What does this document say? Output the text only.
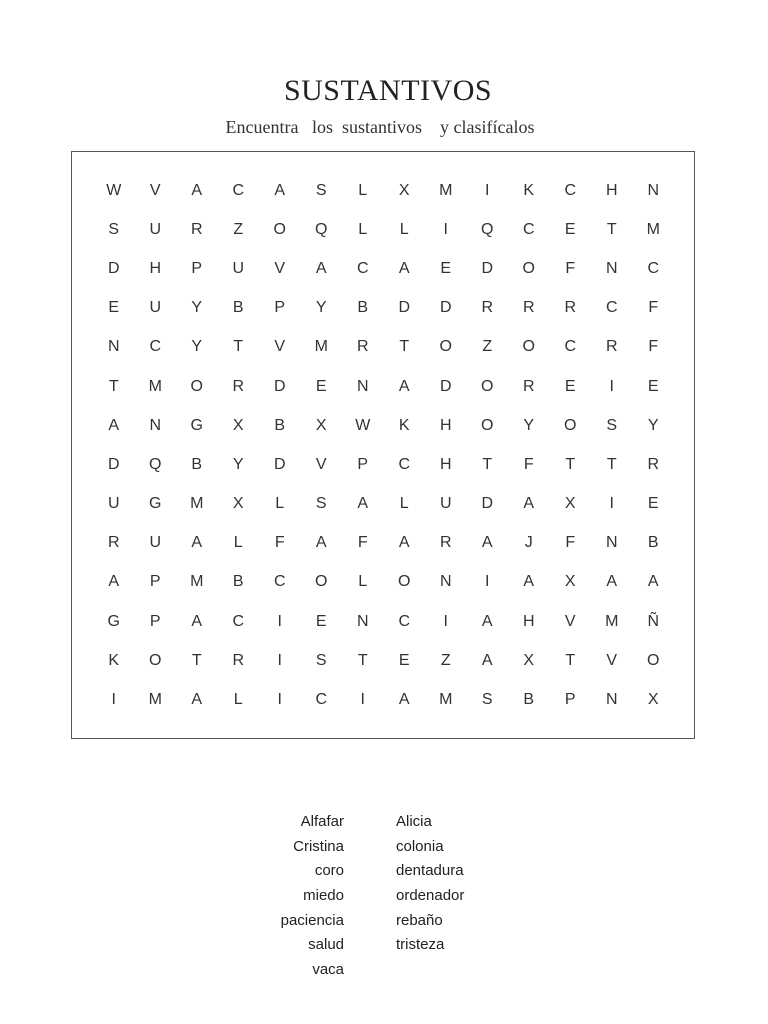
SUSTANTIVOS
Encuentra   los  sustantivos    y clasifícalos
W	V	A	C	A	S	L	X	M	I	K	C	H	N
S	U	R	Z	O	Q	L	L	I	Q	C	E	T	M
D	H	P	U	V	A	C	A	E	D	O	F	N	C
E	U	Y	B	P	Y	B	D	D	R	R	R	C	F
N	C	Y	T	V	M	R	T	O	Z	O	C	R	F
T	M	O	R	D	E	N	A	D	O	R	E	I	E
A	N	G	X	B	X	W	K	H	O	Y	O	S	Y
D	Q	B	Y	D	V	P	C	H	T	F	T	T	R
U	G	M	X	L	S	A	L	U	D	A	X	I	E
R	U	A	L	F	A	F	A	R	A	J	F	N	B
A	P	M	B	C	O	L	O	N	I	A	X	A	A
G	P	A	C	I	E	N	C	I	A	H	V	M	Ñ
K	O	T	R	I	S	T	E	Z	A	X	T	V	O
I	M	A	L	I	C	I	A	M	S	B	P	N	X
Alfafar
Cristina
coro
miedo
paciencia
salud
vaca
Alicia
colonia
dentadura
ordenador
rebaño
tristeza
